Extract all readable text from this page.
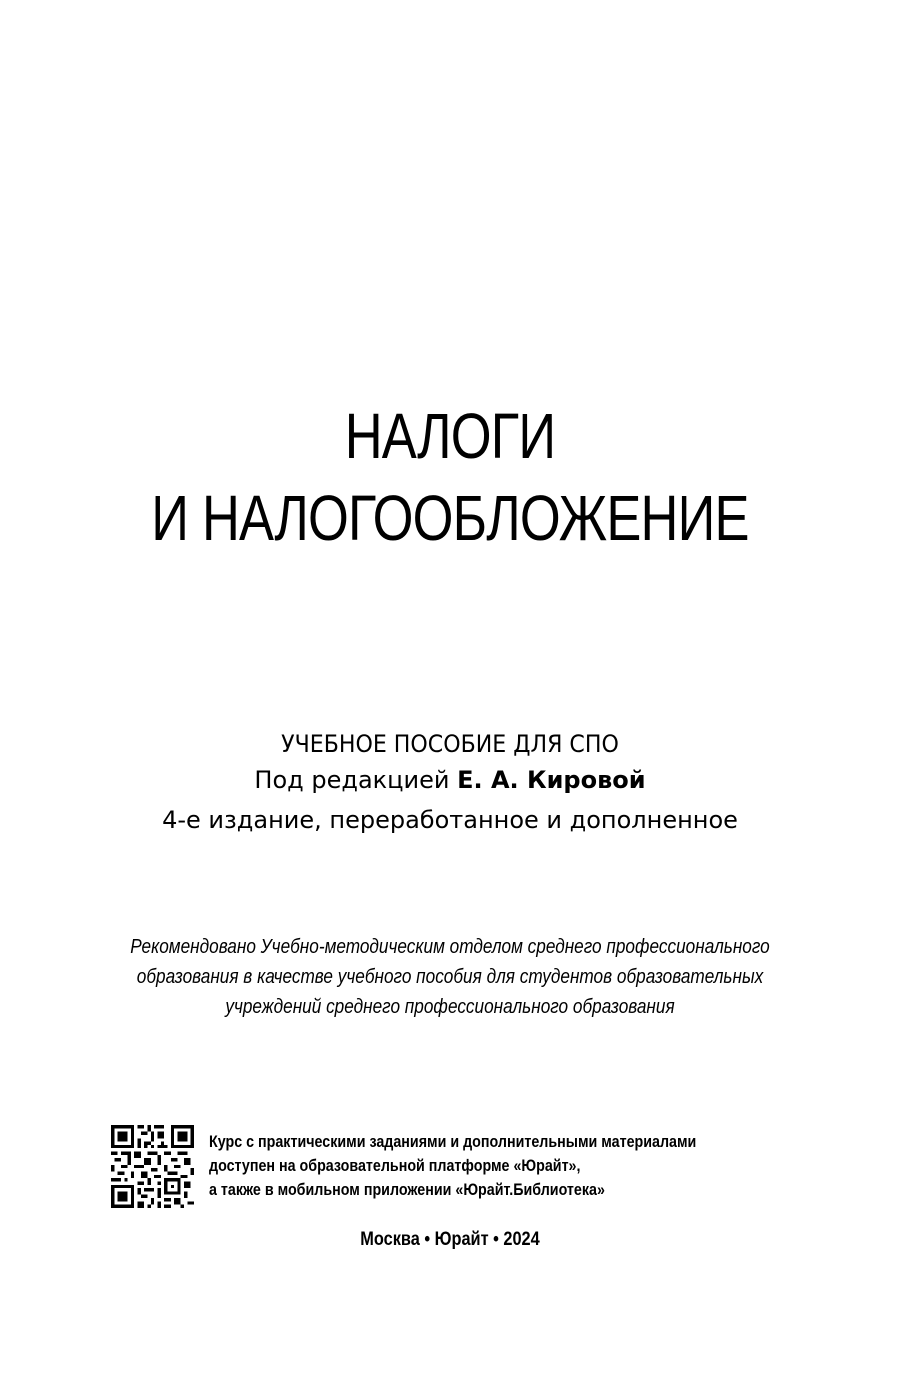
НАЛОГИ
И НАЛОГООБЛОЖЕНИЕ
УЧЕБНОЕ ПОСОБИЕ ДЛЯ СПО
Под редакцией Е. А. Кировой
4-е издание, переработанное и дополненное
Рекомендовано Учебно-методическим отделом среднего профессионального
образования в качестве учебного пособия для студентов образовательных
учреждений среднего профессионального образования
Курс с практическими заданиями и дополнительными материалами
доступен на образовательной платформе «Юрайт»,
а также в мобильном приложении «Юрайт.Библиотека»
Москва • Юрайт • 2024
